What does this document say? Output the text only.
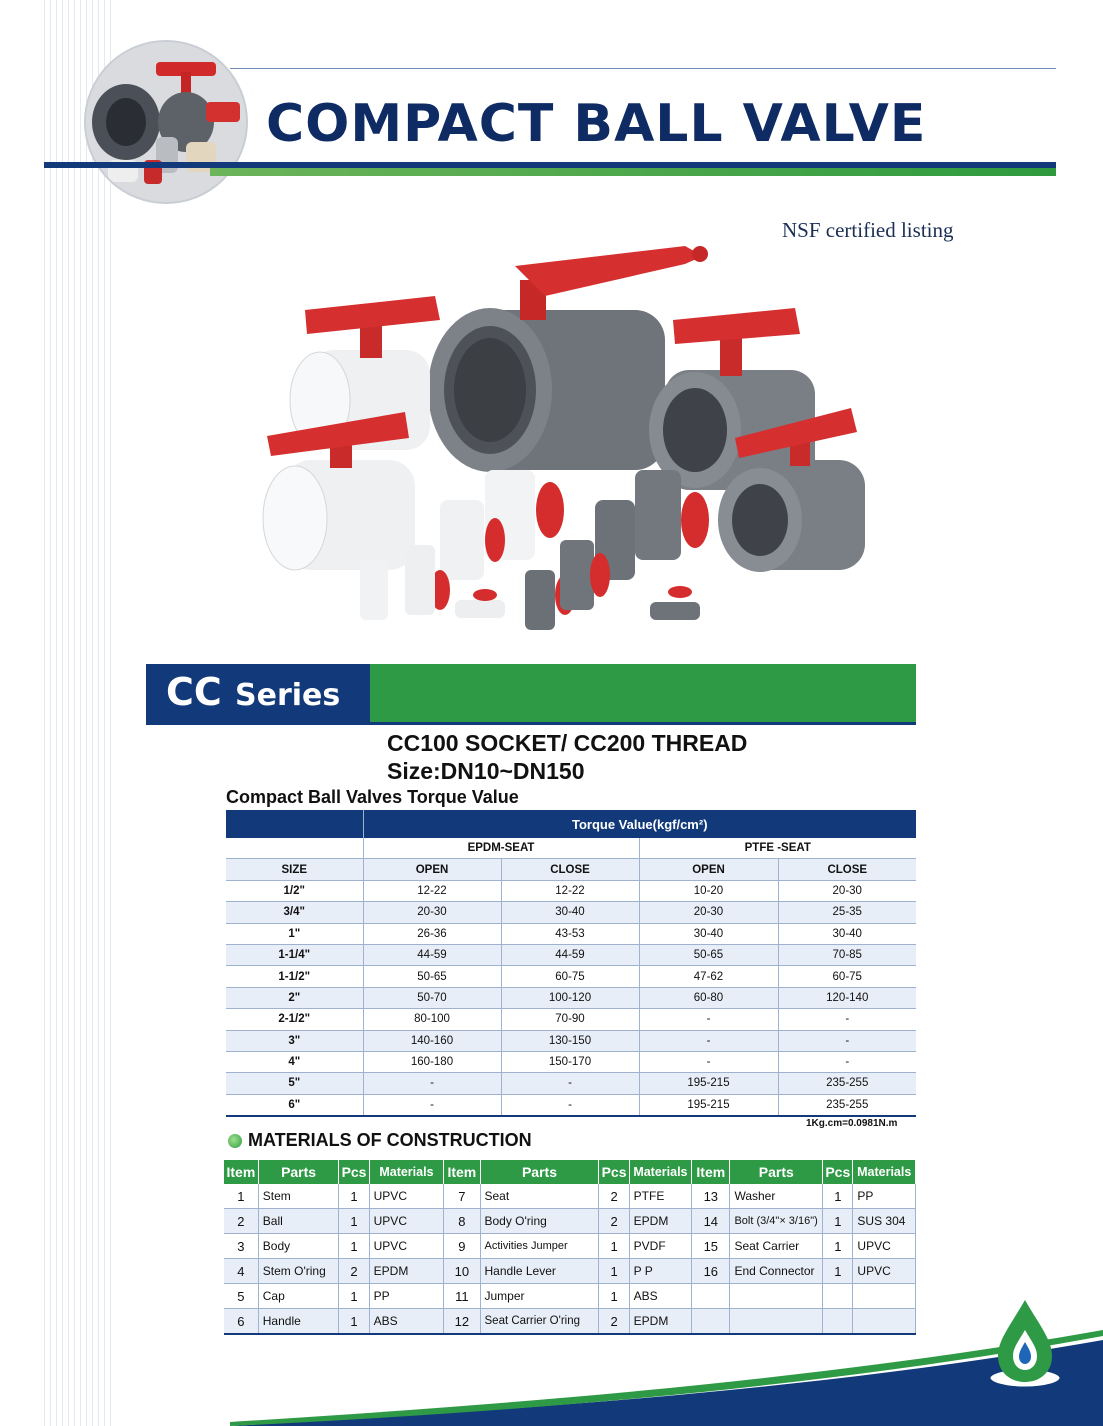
COMPACT BALL VALVE
NSF certified listing
CC Series
CC100 SOCKET/ CC200 THREAD
Size:DN10~DN150
Compact Ball Valves Torque Value
	Torque Value(kgf/cm²)			
	EPDM-SEAT		PTFE -SEAT	
SIZE	OPEN	CLOSE	OPEN	CLOSE
1/2"	12-22	12-22	10-20	20-30
3/4"	20-30	30-40	20-30	25-35
1"	26-36	43-53	30-40	30-40
1-1/4"	44-59	44-59	50-65	70-85
1-1/2"	50-65	60-75	47-62	60-75
2"	50-70	100-120	60-80	120-140
2-1/2"	80-100	70-90	-	-
3"	140-160	130-150	-	-
4"	160-180	150-170	-	-
5"	-	-	195-215	235-255
6"	-	-	195-215	235-255
1Kg.cm=0.0981N.m
MATERIALS OF CONSTRUCTION
Item	Parts	Pcs	Materials	Item	Parts	Pcs	Materials	Item	Parts	Pcs	Materials
1	Stem	1	UPVC	7	Seat	2	PTFE	13	Washer	1	PP
2	Ball	1	UPVC	8	Body O'ring	2	EPDM	14	Bolt (3/4"× 3/16")	1	SUS 304
3	Body	1	UPVC	9	Activities Jumper	1	PVDF	15	Seat Carrier	1	UPVC
4	Stem O'ring	2	EPDM	10	Handle Lever	1	P P	16	End Connector	1	UPVC
5	Cap	1	PP	11	Jumper	1	ABS				
6	Handle	1	ABS	12	Seat Carrier O'ring	2	EPDM				
